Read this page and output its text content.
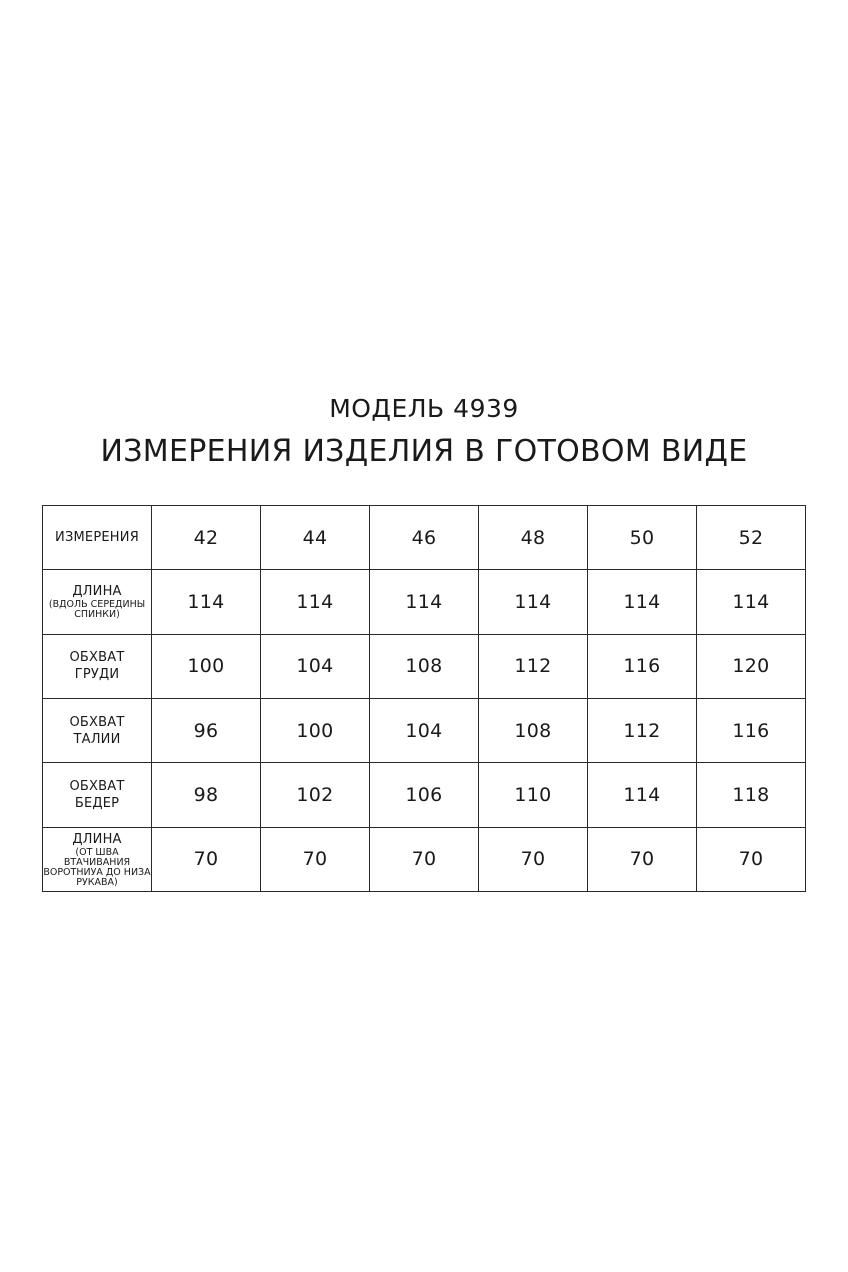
МОДЕЛЬ 4939
ИЗМЕРЕНИЯ ИЗДЕЛИЯ В ГОТОВОМ ВИДЕ
ИЗМЕРЕНИЯ	42	44	46	48	50	52

ДЛИНА
(ВДОЛЬ СЕРЕДИНЫ СПИНКИ)	114	114	114	114	114	114

ОБХВАТ ГРУДИ	100	104	108	112	116	120

ОБХВАТ ТАЛИИ	96	100	104	108	112	116

ОБХВАТ БЕДЕР	98	102	106	110	114	118

ДЛИНА
(ОТ ШВА ВТАЧИВАНИЯ ВОРОТНИУА ДО НИЗА РУКАВА)	70	70	70	70	70	70
